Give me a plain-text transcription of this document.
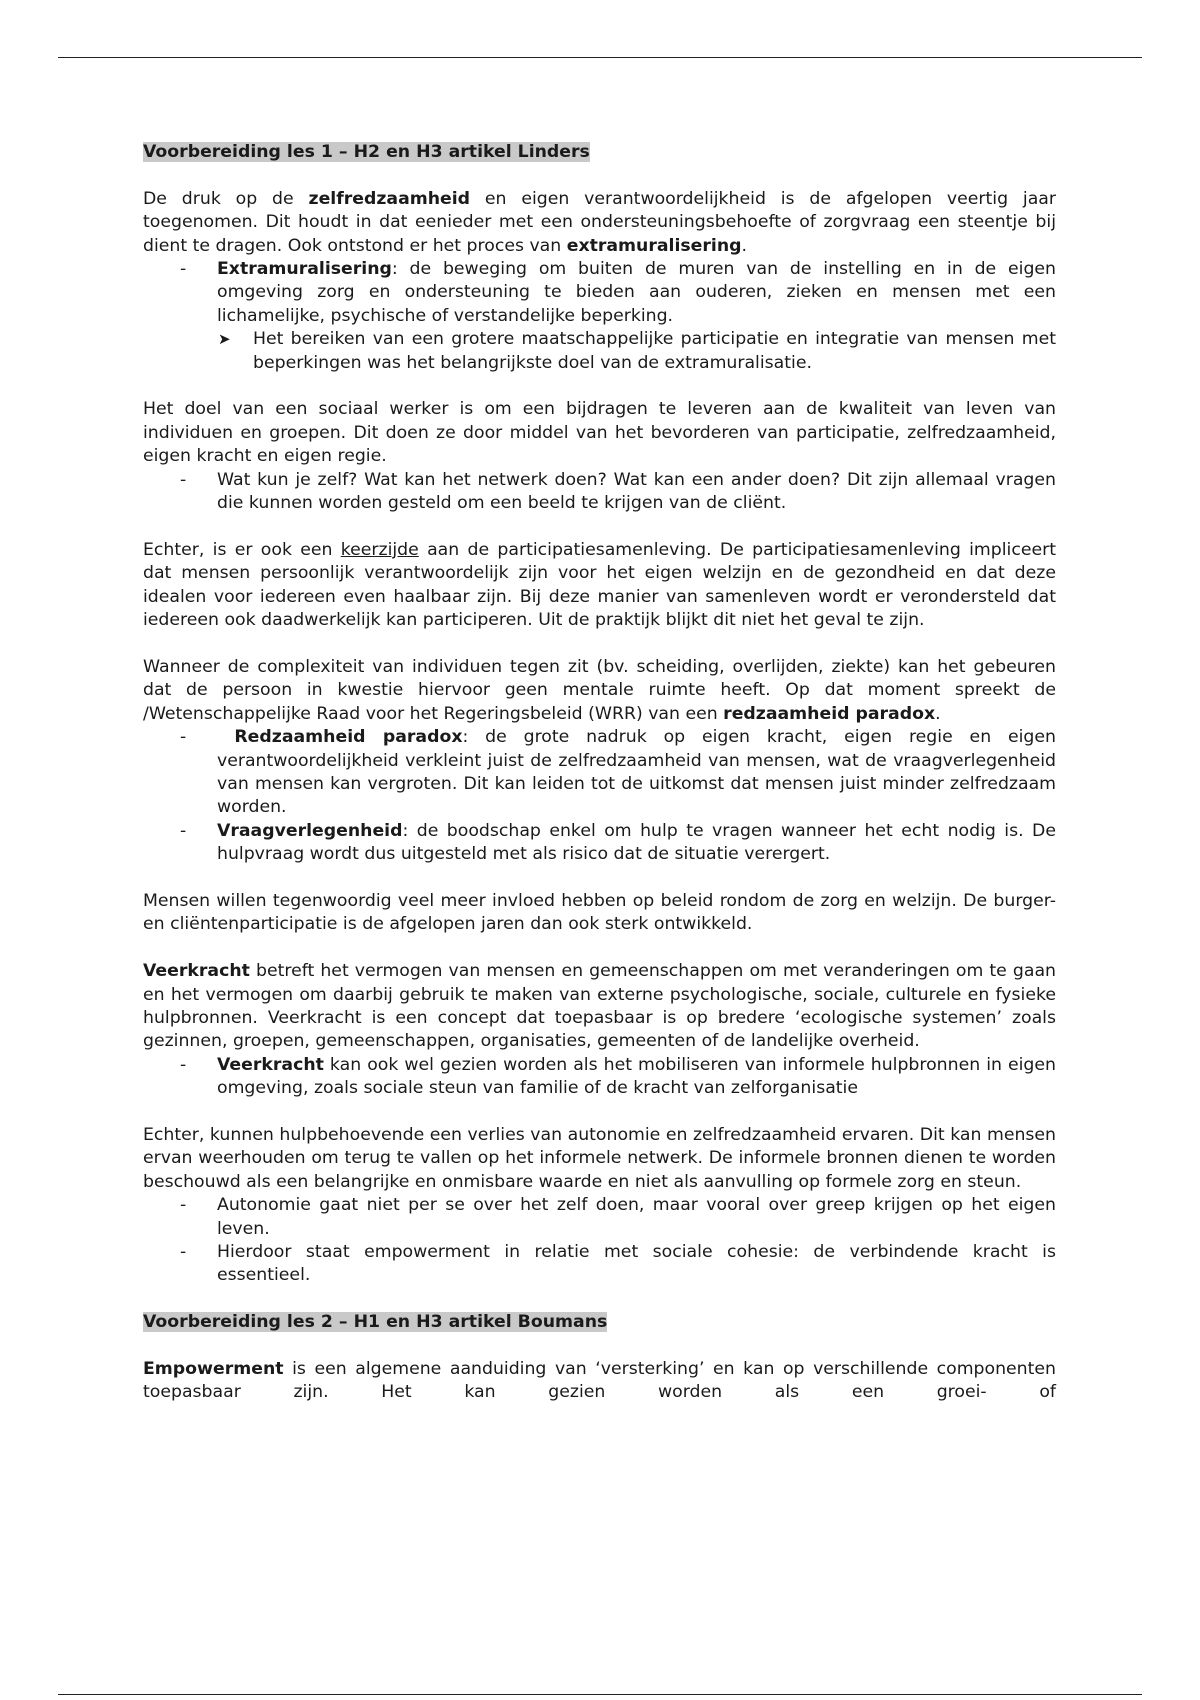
Voorbereiding les 1 – H2 en H3 artikel Linders

De druk op de zelfredzaamheid en eigen verantwoordelijkheid is de afgelopen veertig jaar toegenomen. Dit houdt in dat eenieder met een ondersteuningsbehoefte of zorgvraag een steentje bij dient te dragen. Ook ontstond er het proces van extramuralisering.

- Extramuralisering: de beweging om buiten de muren van de instelling en in de eigen omgeving zorg en ondersteuning te bieden aan ouderen, zieken en mensen met een lichamelijke, psychische of verstandelijke beperking.
➤ Het bereiken van een grotere maatschappelijke participatie en integratie van mensen met beperkingen was het belangrijkste doel van de extramuralisatie.

Het doel van een sociaal werker is om een bijdragen te leveren aan de kwaliteit van leven van individuen en groepen. Dit doen ze door middel van het bevorderen van participatie, zelfredzaamheid, eigen kracht en eigen regie.

- Wat kun je zelf? Wat kan het netwerk doen? Wat kan een ander doen? Dit zijn allemaal vragen die kunnen worden gesteld om een beeld te krijgen van de cliënt.

Echter, is er ook een keerzijde aan de participatiesamenleving. De participatiesamenleving impliceert dat mensen persoonlijk verantwoordelijk zijn voor het eigen welzijn en de gezondheid en dat deze idealen voor iedereen even haalbaar zijn. Bij deze manier van samenleven wordt er verondersteld dat iedereen ook daadwerkelijk kan participeren. Uit de praktijk blijkt dit niet het geval te zijn.

Wanneer de complexiteit van individuen tegen zit (bv. scheiding, overlijden, ziekte) kan het gebeuren dat de persoon in kwestie hiervoor geen mentale ruimte heeft. Op dat moment spreekt de /Wetenschappelijke Raad voor het Regeringsbeleid (WRR) van een redzaamheid paradox.

- Redzaamheid paradox: de grote nadruk op eigen kracht, eigen regie en eigen verantwoordelijkheid verkleint juist de zelfredzaamheid van mensen, wat de vraagverlegenheid van mensen kan vergroten. Dit kan leiden tot de uitkomst dat mensen juist minder zelfredzaam worden.
- Vraagverlegenheid: de boodschap enkel om hulp te vragen wanneer het echt nodig is. De hulpvraag wordt dus uitgesteld met als risico dat de situatie verergert.

Mensen willen tegenwoordig veel meer invloed hebben op beleid rondom de zorg en welzijn. De burger- en cliëntenparticipatie is de afgelopen jaren dan ook sterk ontwikkeld.

Veerkracht betreft het vermogen van mensen en gemeenschappen om met veranderingen om te gaan en het vermogen om daarbij gebruik te maken van externe psychologische, sociale, culturele en fysieke hulpbronnen. Veerkracht is een concept dat toepasbaar is op bredere ‘ecologische systemen’ zoals gezinnen, groepen, gemeenschappen, organisaties, gemeenten of de landelijke overheid.

- Veerkracht kan ook wel gezien worden als het mobiliseren van informele hulpbronnen in eigen omgeving, zoals sociale steun van familie of de kracht van zelforganisatie

Echter, kunnen hulpbehoevende een verlies van autonomie en zelfredzaamheid ervaren. Dit kan mensen ervan weerhouden om terug te vallen op het informele netwerk. De informele bronnen dienen te worden beschouwd als een belangrijke en onmisbare waarde en niet als aanvulling op formele zorg en steun.

- Autonomie gaat niet per se over het zelf doen, maar vooral over greep krijgen op het eigen leven.
- Hierdoor staat empowerment in relatie met sociale cohesie: de verbindende kracht is essentieel.
Voorbereiding les 2 – H1 en H3 artikel Boumans

Empowerment is een algemene aanduiding van ‘versterking’ en kan op verschillende componenten toepasbaar zijn. Het kan gezien worden als een groei- of
